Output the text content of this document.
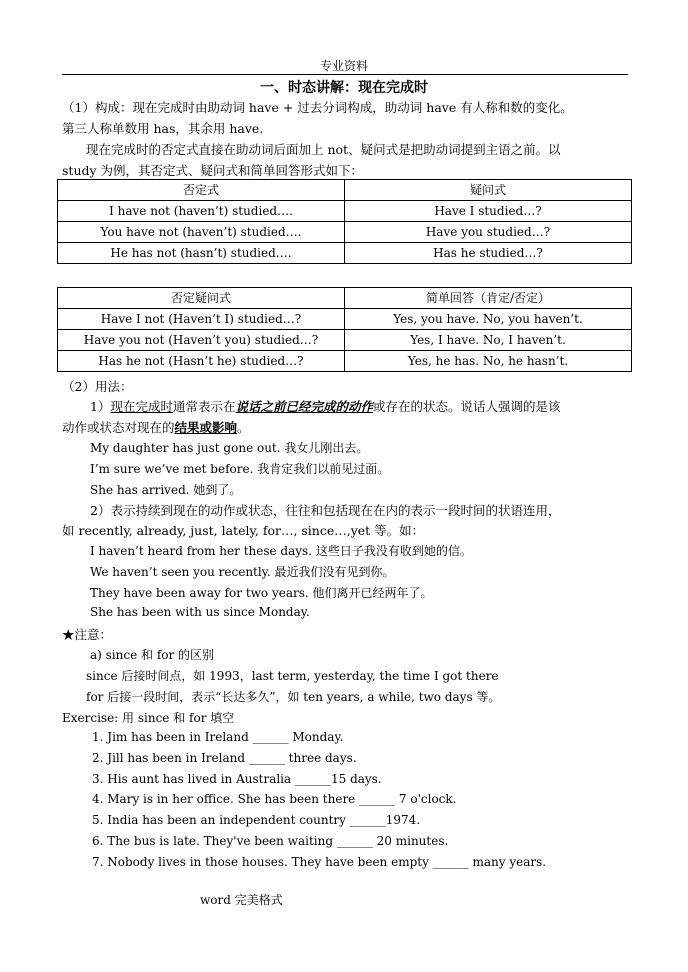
专业资料
一、时态讲解：现在完成时
（1）构成：现在完成时由助动词 have + 过去分词构成，助动词 have 有人称和数的变化。
第三人称单数用 has，其余用 have.
现在完成时的否定式直接在助动词后面加上 not、疑问式是把助动词提到主语之前。以
study 为例，其否定式、疑问式和简单回答形式如下：
否定式	疑问式
I have not (haven’t) studied….	Have I studied…?
You have not (haven’t) studied….	Have you studied…?
He has not (hasn’t) studied….	Has he studied…?
否定疑问式	简单回答（肯定/否定）
Have I not (Haven’t I) studied…?	Yes, you have. No, you haven’t.
Have you not (Haven’t you) studied…?	Yes, I have. No, I haven’t.
Has he not (Hasn’t he) studied…?	Yes, he has. No, he hasn’t.
（2）用法：
1）现在完成时通常表示在说话之前已经完成的动作或存在的状态。说话人强调的是该
动作或状态对现在的结果或影响。
My daughter has just gone out. 我女儿刚出去。
I’m sure we’ve met before. 我肯定我们以前见过面。
She has arrived. 她到了。
2）表示持续到现在的动作或状态，往往和包括现在在内的表示一段时间的状语连用，
如 recently, already, just, lately, for…, since…,yet 等。如：
I haven’t heard from her these days. 这些日子我没有收到她的信。
We haven’t seen you recently. 最近我们没有见到你。
They have been away for two years. 他们离开已经两年了。
She has been with us since Monday.
★注意：
a) since 和 for 的区别
since 后接时间点，如 1993，last term, yesterday, the time I got there
for 后接一段时间，表示“长达多久”，如 ten years, a while, two days 等。
Exercise: 用 since 和 for 填空
1. Jim has been in Ireland ______ Monday.
2. Jill has been in Ireland ______ three days.
3. His aunt has lived in Australia ______15 days.
4. Mary is in her office. She has been there ______ 7 o'clock.
5. India has been an independent country ______1974.
6. The bus is late. They've been waiting ______ 20 minutes.
7. Nobody lives in those houses. They have been empty ______ many years.
word 完美格式
